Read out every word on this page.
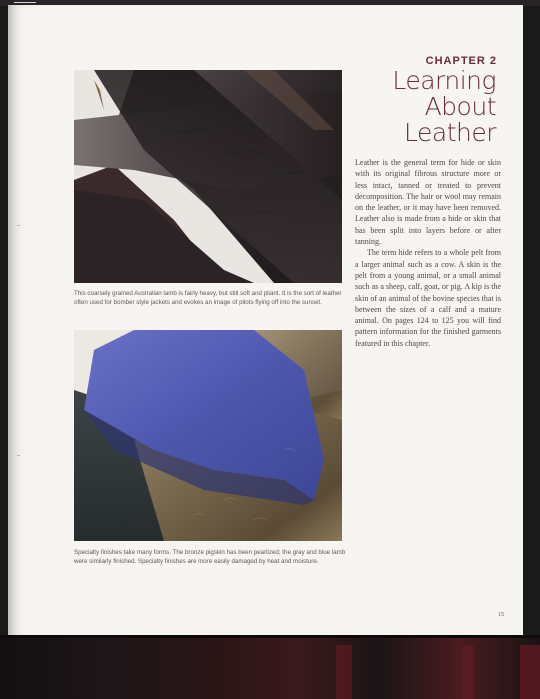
CHAPTER 2
Learning
About
Leather

Leather is the general term for hide or skin with its original fibrous structure more or less intact, tanned or treated to prevent decomposition. The hair or wool may remain on the leather, or it may have been removed. Leather also is made from a hide or skin that has been split into layers before or after tanning.

The term hide refers to a whole pelt from a larger animal such as a cow. A skin is the pelt from a young animal, or a small animal such as a sheep, calf, goat, or pig. A kip is the skin of an animal of the bovine species that is between the sizes of a calf and a mature animal. On pages 124 to 125 you will find pattern information for the finished garments featured in this chapter.

This coarsely grained Australian lamb is fairly heavy, but still soft and pliant. It is the sort of leather often used for bomber style jackets and evokes an image of pilots flying off into the sunset.
Specialty finishes take many forms. The bronze pigskin has been pearlized; the gray and blue lamb were similarly finished. Specialty finishes are more easily damaged by heat and moisture.
15
